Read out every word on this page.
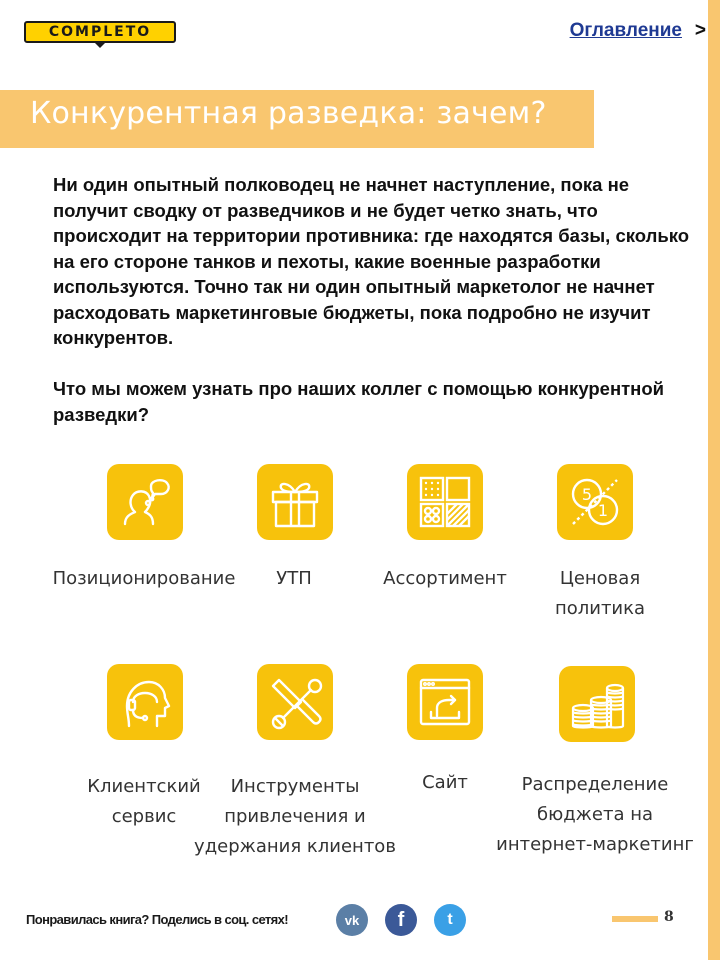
COMPLETO	Оглавление >
Конкурентная разведка: зачем?
Ни один опытный полководец не начнет наступление, пока не получит сводку от разведчиков и не будет четко знать, что происходит на территории противника: где находятся базы, сколько на его стороне танков и пехоты, какие военные разработки используются. Точно так ни один опытный маркетолог не начнет расходовать маркетинговые бюджеты, пока подробно не изучит конкурентов.
Что мы можем узнать про наших коллег с помощью конкурентной разведки?
5
1
Позиционирование	УТП	Ассортимент	Ценовая
политика
Клиентский
сервис
Инструменты
привлечения и
удержания клиентов
Сайт	Распределение
бюджета на
интернет-маркетинг
Понравилась книга? Поделись в соц. сетях!	vk	f	t	8
